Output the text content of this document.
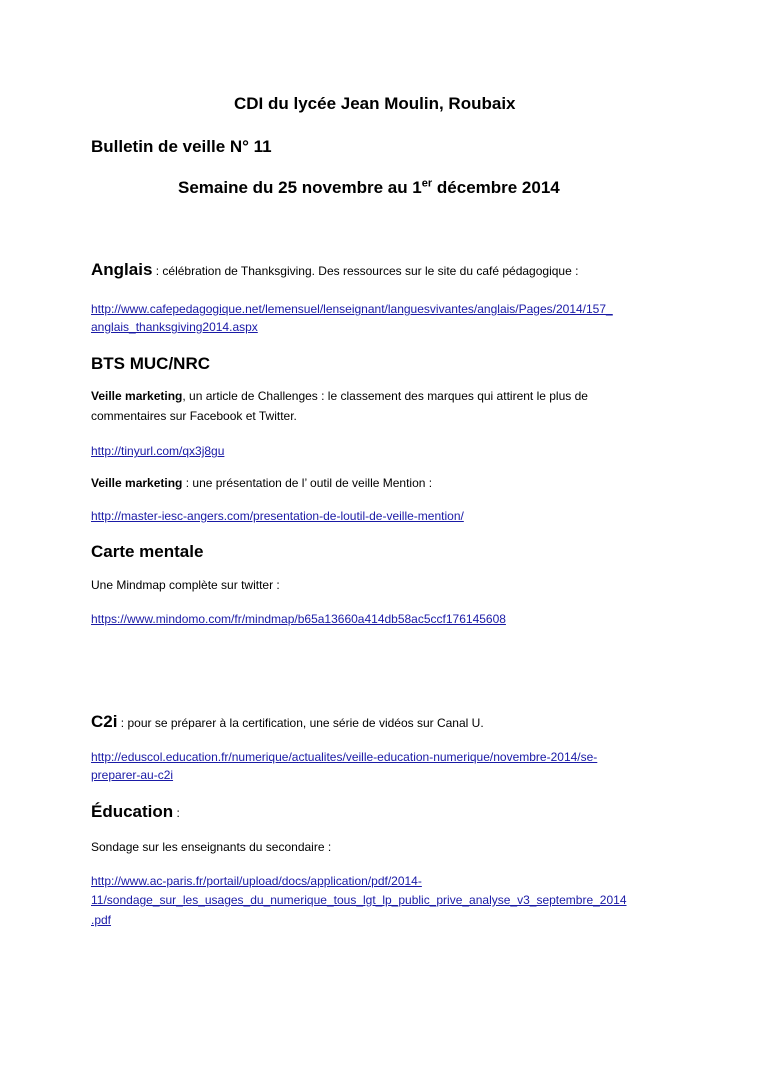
CDI du lycée Jean Moulin, Roubaix
Bulletin de veille N° 11
Semaine du 25 novembre au 1er décembre 2014
Anglais : célébration de Thanksgiving. Des ressources sur le site du café pédagogique :
http://www.cafepedagogique.net/lemensuel/lenseignant/languesvivantes/anglais/Pages/2014/157_
anglais_thanksgiving2014.aspx
BTS MUC/NRC
Veille marketing, un article de Challenges : le classement des marques qui attirent le plus de
commentaires sur Facebook et Twitter.
http://tinyurl.com/qx3j8gu
Veille marketing : une présentation de l’ outil de veille Mention :
http://master-iesc-angers.com/presentation-de-loutil-de-veille-mention/
Carte mentale
Une Mindmap complète sur twitter :
https://www.mindomo.com/fr/mindmap/b65a13660a414db58ac5ccf176145608
C2i : pour se préparer à la certification, une série de vidéos sur Canal U.
http://eduscol.education.fr/numerique/actualites/veille-education-numerique/novembre-2014/se-
preparer-au-c2i
Éducation :
Sondage sur les enseignants du secondaire :
http://www.ac-paris.fr/portail/upload/docs/application/pdf/2014-
11/sondage_sur_les_usages_du_numerique_tous_lgt_lp_public_prive_analyse_v3_septembre_2014
.pdf
